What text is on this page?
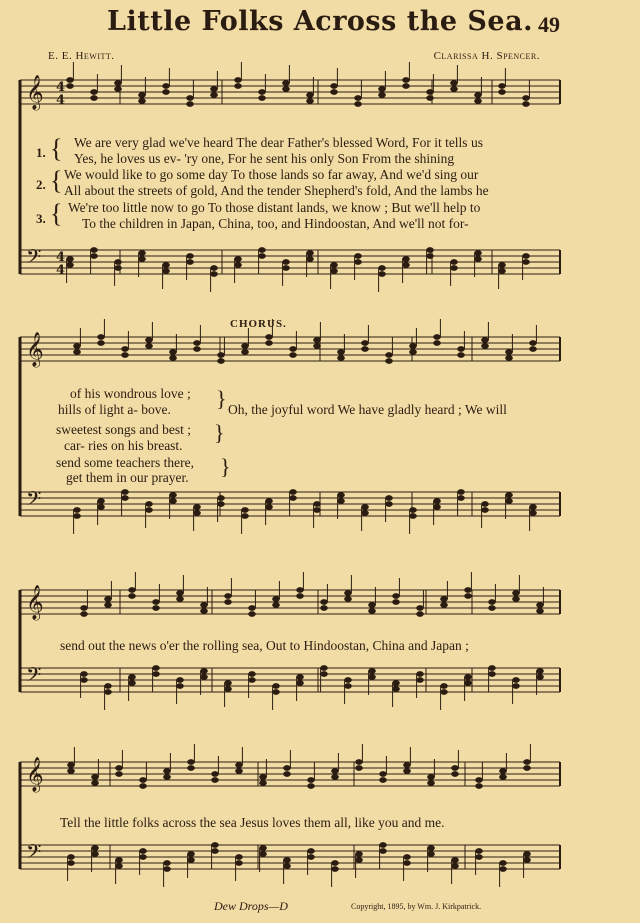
Little Folks Across the Sea. 49
E. E. Hewitt.	Clarissa H. Spencer.
𝄞
𝄞
𝄞
𝄞
𝄢
𝄢
𝄢
𝄢
4
4
4
4
1. { We are very glad we've heard The dear Father's blessed Word, For it tells us
Yes, he loves us ev- 'ry one, For he sent his only Son From the shining
2. { We would like to go some day To those lands so far away, And we'd sing our
All about the streets of gold, And the tender Shepherd's fold, And the lambs he
3. { We're too little now to go To those distant lands, we know ; But we'll help to
To the children in Japan, China, too, and Hindoostan, And we'll not for-
CHORUS.
of his wondrous love ;
hills of light a- bove. } Oh, the joyful word We have gladly heard ; We will
sweetest songs and best ;
car- ries on his breast.
}
send some teachers there,
get them in our prayer. }
send out the news o'er the rolling sea, Out to Hindoostan, China and Japan ;
Tell the little folks across the sea Jesus loves them all, like you and me.
Dew Drops—D	Copyright, 1895, by Wm. J. Kirkpatrick.
